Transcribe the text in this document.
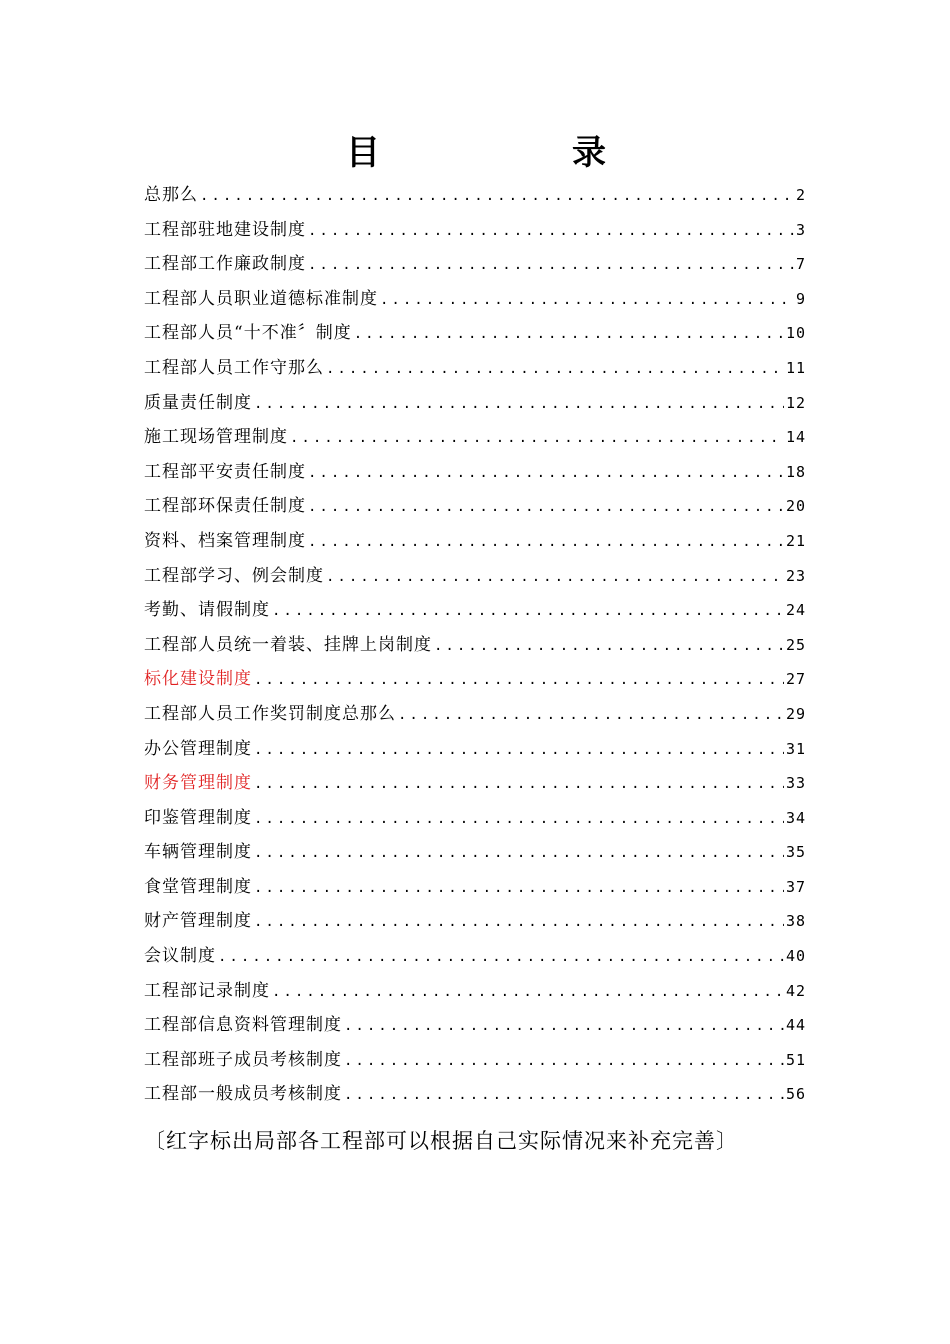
目	录
总那么 .....	2
工程部驻地建设制度 .....	3
工程部工作廉政制度 .....	7
工程部人员职业道德标准制度 .....	9
工程部人员“十不准〞制度 .....	10
工程部人员工作守那么 .....	11
质量责任制度 .....	12
施工现场管理制度 .....	14
工程部平安责任制度 .....	18
工程部环保责任制度 .....	20
资料、档案管理制度 .....	21
工程部学习、例会制度 .....	23
考勤、请假制度 .....	24
工程部人员统一着装、挂牌上岗制度 .....	25
标化建设制度 .....	27
工程部人员工作奖罚制度总那么 .....	29
办公管理制度 .....	31
财务管理制度 .....	33
印鉴管理制度 .....	34
车辆管理制度 .....	35
食堂管理制度 .....	37
财产管理制度 .....	38
会议制度 .....	40
工程部记录制度 .....	42
工程部信息资料管理制度 .....	44
工程部班子成员考核制度 .....	51
工程部一般成员考核制度 .....	56
〔红字标出局部各工程部可以根据自己实际情况来补充完善〕
